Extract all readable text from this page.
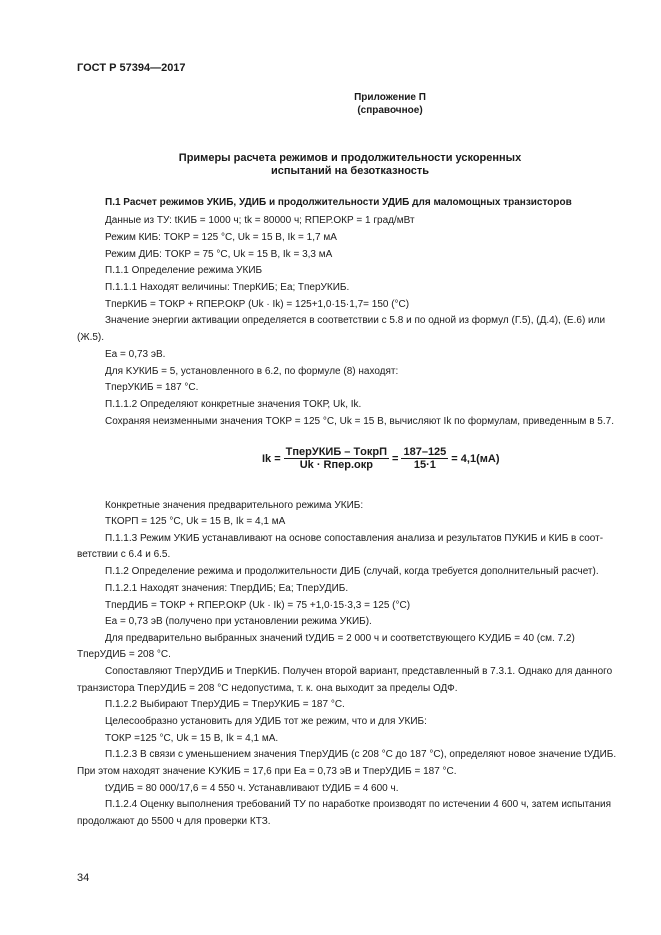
ГОСТ Р 57394—2017
Приложение П
(справочное)
Примеры расчета режимов и продолжительности ускоренных
испытаний на безотказность
П.1 Расчет режимов УКИБ, УДИБ и продолжительности УДИБ для маломощных транзисторов
Данные из ТУ: tКИБ = 1000 ч; tk = 80000 ч; RПЕР.ОКР = 1 град/мВт
Режим КИБ: TОКР = 125 °С, Uk = 15 В, Ik = 1,7 мА
Режим ДИБ: TОКР = 75 °С, Uk = 15 В, Ik = 3,3 мА
П.1.1 Определение режима УКИБ
П.1.1.1 Находят величины: TперКИБ; Ea; TперУКИБ.
TперКИБ = TОКР + RПЕР.ОКР (Uk · Ik) = 125+1,0·15·1,7= 150 (°С)
Значение энергии активации определяется в соответствии с 5.8 и по одной из формул (Г.5), (Д.4), (Е.6) или
(Ж.5).
Ea = 0,73 эВ.
Для KУКИБ = 5, установленного в 6.2, по формуле (8) находят:
TперУКИБ = 187 °С.
П.1.1.2 Определяют конкретные значения TОКР, Uk, Ik.
Сохраняя неизменными значения TОКР = 125 °С, Uk = 15 В, вычисляют Ik по формулам, приведенным в 5.7.
$Ik = \frac{\text{TперУКИБ – TокрП}}{\text{Uk · Rпер.окр}} = \frac{187-125}{15\cdot 1} = 4,1(мА)$
Конкретные значения предварительного режима УКИБ:
TКОРП = 125 °С, Uk = 15 В, Ik = 4,1 мА
П.1.1.3 Режим УКИБ устанавливают на основе сопоставления анализа и результатов ПУКИБ и КИБ в соот-
ветствии с 6.4 и 6.5.
П.1.2 Определение режима и продолжительности ДИБ (случай, когда требуется дополнительный расчет).
П.1.2.1 Находят значения: TперДИБ; Ea; TперУДИБ.
TперДИБ = TОКР + RПЕР.ОКР (Uk · Ik) = 75 +1,0·15·3,3 = 125 (°С)
Ea = 0,73 эВ (получено при установлении режима УКИБ).
Для предварительно выбранных значений tУДИБ = 2 000 ч и соответствующего KУДИБ = 40 (см. 7.2)
TперУДИБ = 208 °С.
Сопоставляют TперУДИБ и TперКИБ. Получен второй вариант, представленный в 7.3.1. Однако для данного
транзистора TперУДИБ = 208 °С недопустима, т. к. она выходит за пределы ОДФ.
П.1.2.2 Выбирают TперУДИБ = TперУКИБ = 187 °С.
Целесообразно установить для УДИБ тот же режим, что и для УКИБ:
TОКР =125 °С, Uk = 15 В, Ik = 4,1 мА.
П.1.2.3 В связи с уменьшением значения TперУДИБ (с 208 °С до 187 °С), определяют новое значение tУДИБ.
При этом находят значение KУКИБ = 17,6 при Ea = 0,73 эВ и TперУДИБ = 187 °С.
tУДИБ = 80 000/17,6 = 4 550 ч. Устанавливают tУДИБ = 4 600 ч.
П.1.2.4 Оценку выполнения требований ТУ по наработке производят по истечении 4 600 ч, затем испытания
продолжают до 5500 ч для проверки КТЗ.
34
